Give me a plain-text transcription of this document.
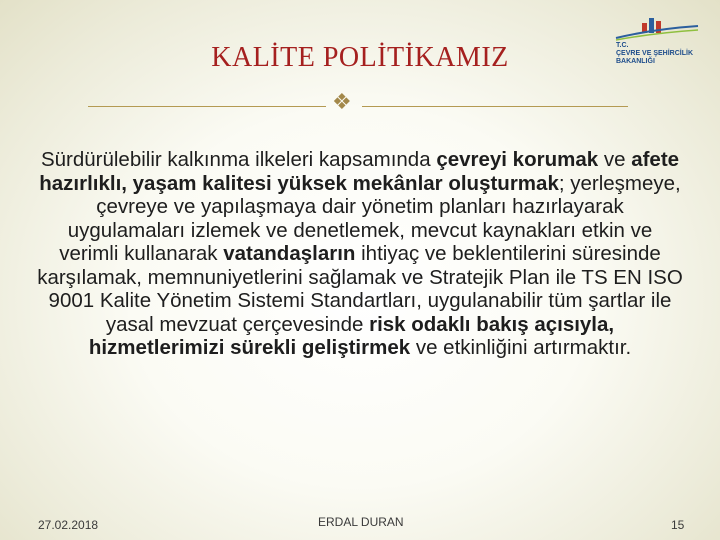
KALİTE POLİTİKAMIZ	T.C.
ÇEVRE VE ŞEHİRCİLİK
BAKANLIĞI
❖
Sürdürülebilir kalkınma ilkeleri kapsamında çevreyi korumak ve afete hazırlıklı, yaşam kalitesi yüksek mekânlar oluşturmak; yerleşmeye, çevreye ve yapılaşmaya dair yönetim planları hazırlayarak uygulamaları izlemek ve denetlemek, mevcut kaynakları etkin ve verimli kullanarak vatandaşların ihtiyaç ve beklentilerini süresinde karşılamak, memnuniyetlerini sağlamak ve Stratejik Plan ile TS EN ISO 9001 Kalite Yönetim Sistemi Standartları, uygulanabilir tüm şartlar ile yasal mevzuat çerçevesinde risk odaklı bakış açısıyla, hizmetlerimizi sürekli geliştirmek ve etkinliğini artırmaktır.
27.02.2018	ERDAL DURAN	15
